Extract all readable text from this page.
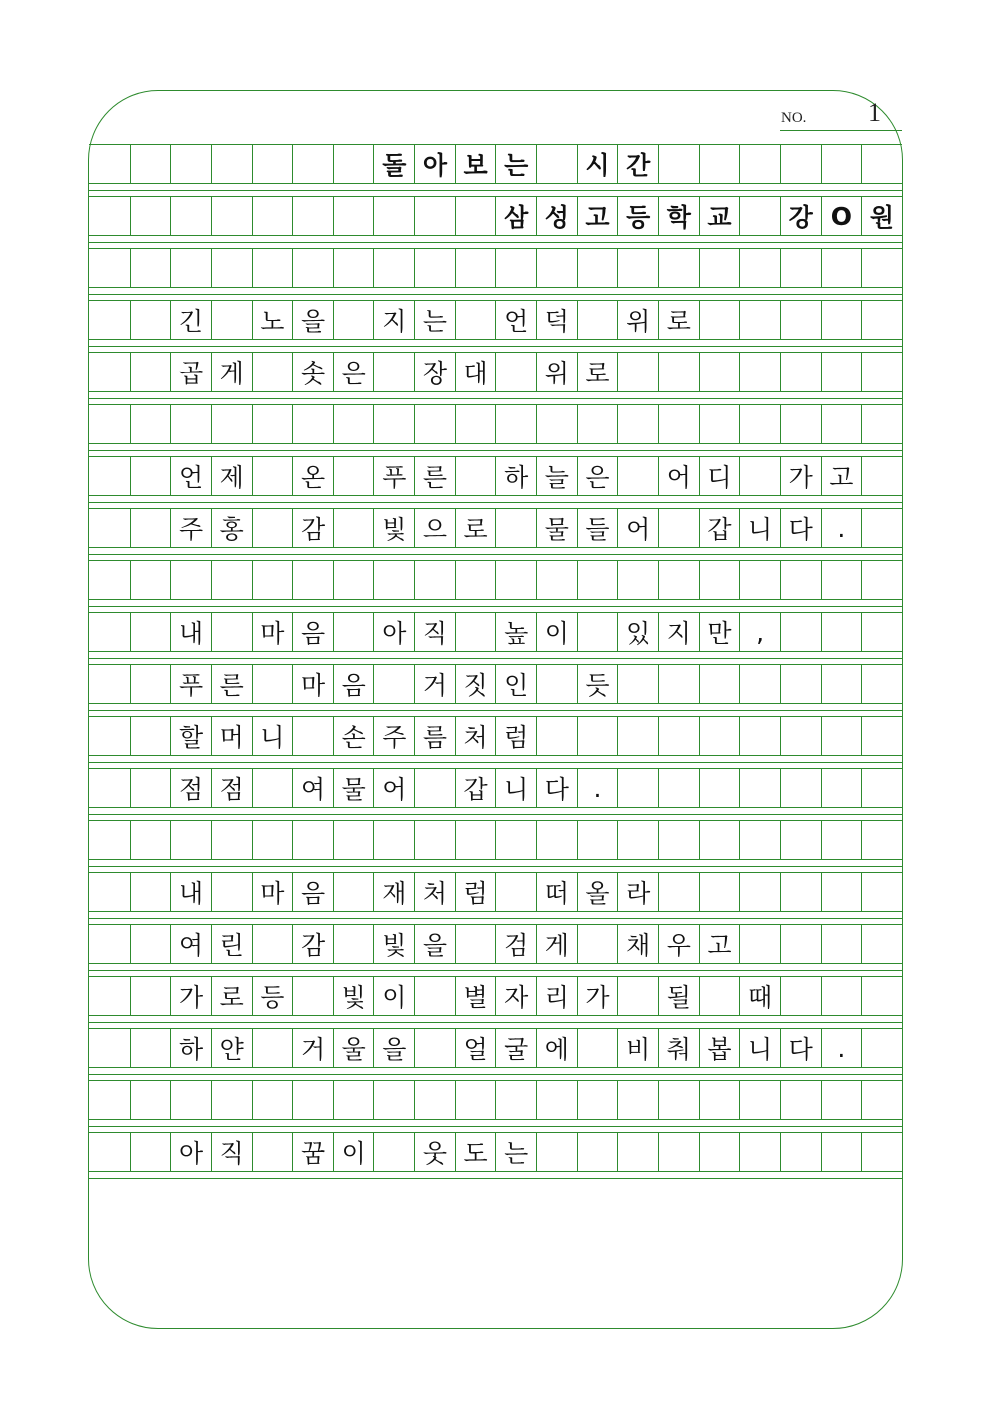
NO. 1
돌 아 보 는	시 간
삼 성 고 등 학 교	강 O 원
긴	노 을	지 는	언 덕	위 로
곱 게	솟 은	장 대	위 로
언 제	온	푸 른	하 늘 은	어 디	가 고
주 홍	감	빛 으 로	물 들 어	갑 니 다 .
내	마 음	아 직	높 이	있 지 만 ,
푸 른	마 음	거 짓 인	듯
할 머 니	손 주 름 처 럼
점 점	여 물 어	갑 니 다 .
내	마 음	재 처 럼	떠 올 라
여 린	감	빛 을	검 게	채 우 고
가 로 등	빛 이	별 자 리 가	될	때
하 얀	거 울 을	얼 굴 에	비 춰 봅 니 다 .
아 직	꿈 이	웃 도 는
